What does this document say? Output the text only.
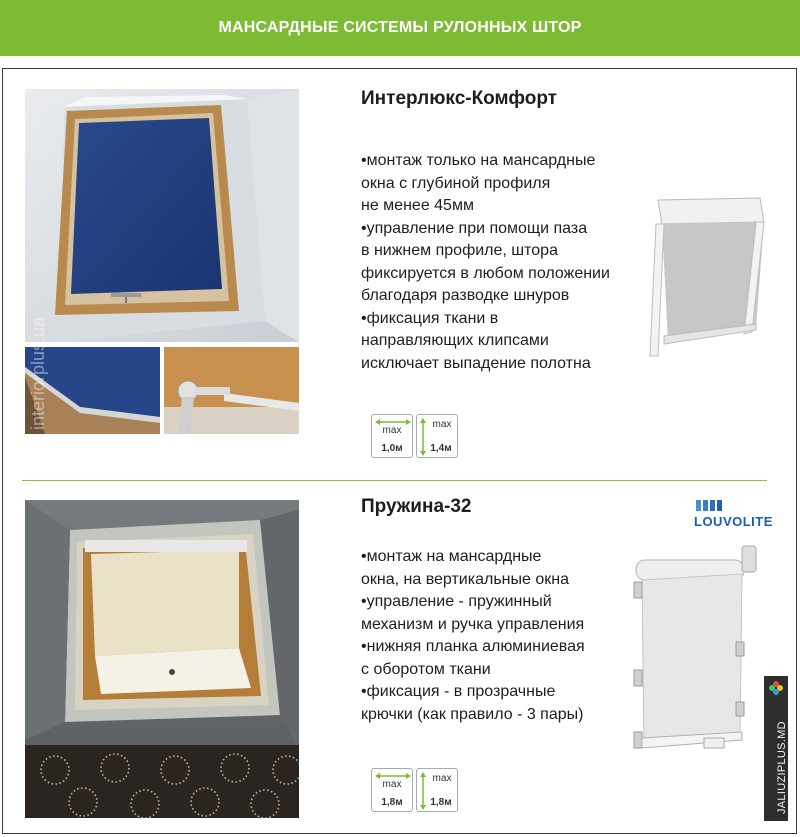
МАНСАРДНЫЕ СИСТЕМЫ РУЛОННЫХ ШТОР
interiorplus.ua
Интерлюкс-Комфорт

•монтаж только на мансардные

окна с глубиной профиля

не менее 45мм

•управление при помощи паза

в нижнем профиле, штора

фиксируется в любом положении

благодаря разводке шнуров

•фиксация ткани в

направляющих клипсами

исключает выпадение полотна

max
1,0м
max
1,4м
Пружина-32
LOUVOLITE

•монтаж на мансардные

окна, на вертикальные окна

•управление - пружинный

механизм и ручка управления

•нижняя планка алюминиевая

с оборотом ткани

•фиксация - в прозрачные

крючки (как правило - 3 пары)

max
1,8м
max
1,8м	JALIUZIPLUS.MD
